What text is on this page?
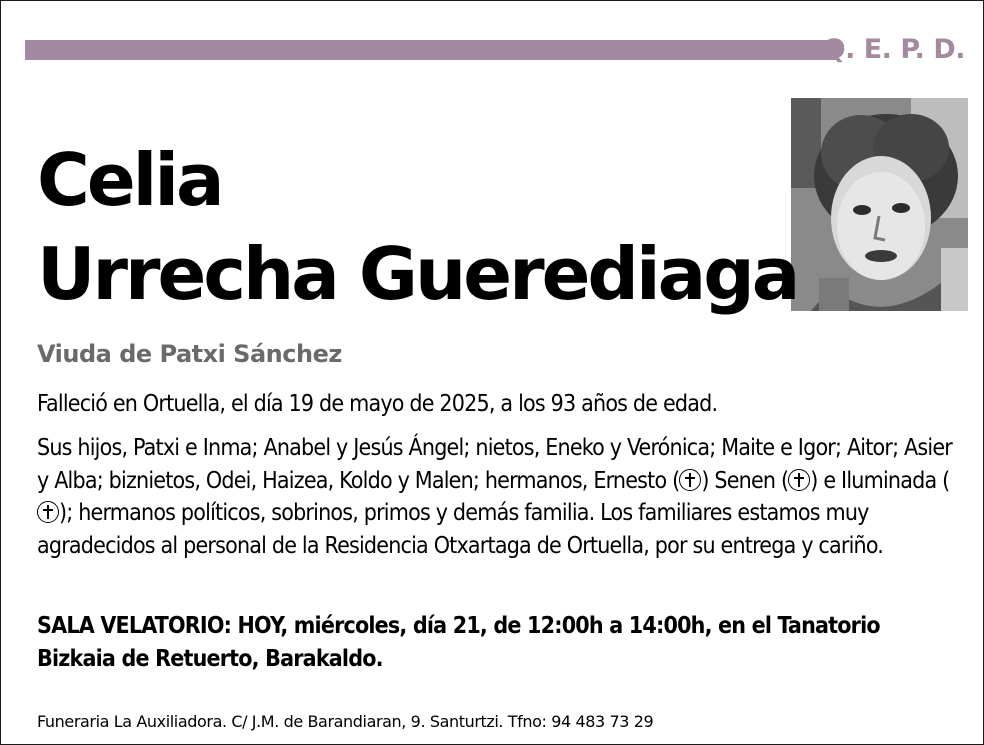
Q. E. P. D.
Celia
Urrecha Guerediaga
Viuda de Patxi Sánchez
Falleció en Ortuella, el día 19 de mayo de 2025, a los 93 años de edad.
Sus hijos, Patxi e Inma; Anabel y Jesús Ángel; nietos, Eneko y Verónica; Maite e Igor; Aitor; Asier y Alba; biznietos, Odei, Haizea, Koldo y Malen; hermanos, Ernesto ( ) Senen ( ) e Iluminada (); hermanos políticos, sobrinos, primos y demás familia. Los familiares estamos muy agradecidos al personal de la Residencia Otxartaga de Ortuella, por su entrega y cariño.
SALA VELATORIO: HOY, miércoles, día 21, de 12:00h a 14:00h, en el Tanatorio Bizkaia de Retuerto, Barakaldo.
Funeraria La Auxiliadora. C/ J.M. de Barandiaran, 9. Santurtzi. Tfno: 94 483 73 29
